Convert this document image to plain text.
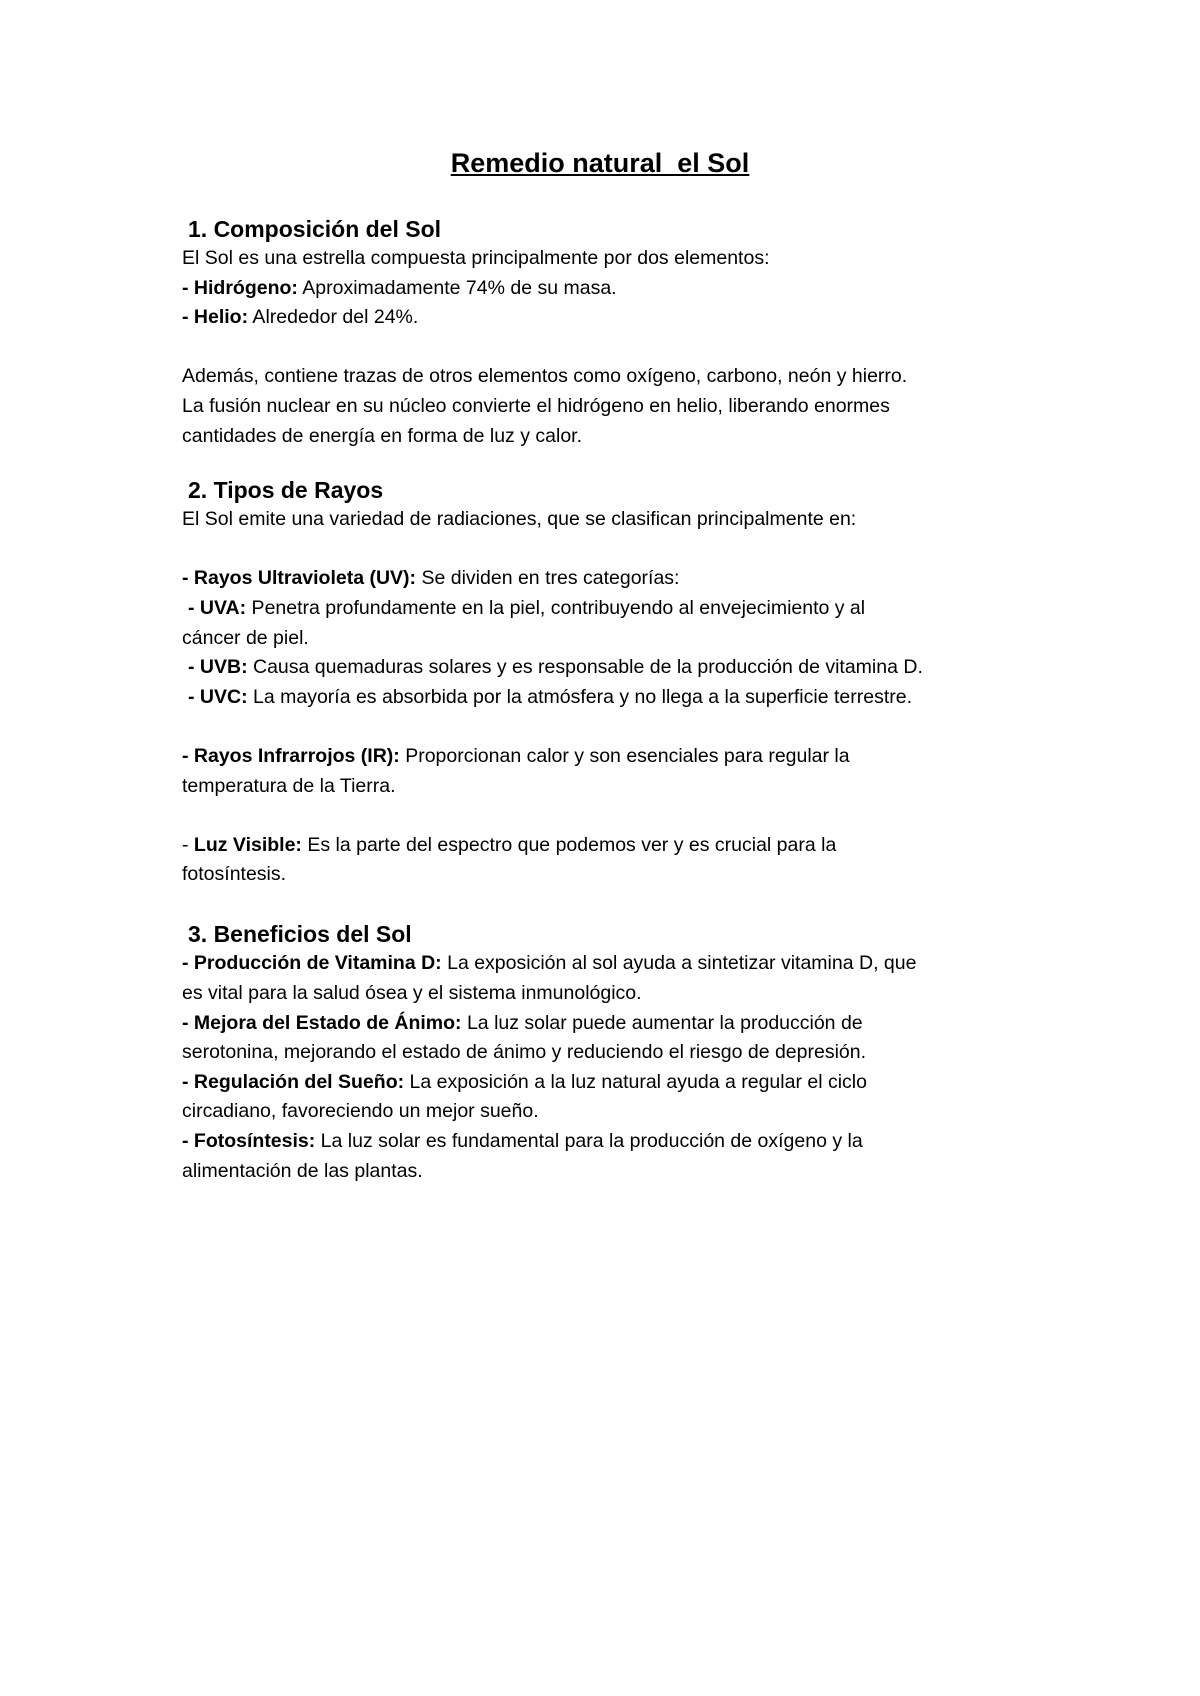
Remedio natural  el Sol
1. Composición del Sol
El Sol es una estrella compuesta principalmente por dos elementos:
- Hidrógeno: Aproximadamente 74% de su masa.
- Helio: Alrededor del 24%.
Además, contiene trazas de otros elementos como oxígeno, carbono, neón y hierro.
La fusión nuclear en su núcleo convierte el hidrógeno en helio, liberando enormes
cantidades de energía en forma de luz y calor.
2. Tipos de Rayos
El Sol emite una variedad de radiaciones, que se clasifican principalmente en:
- Rayos Ultravioleta (UV): Se dividen en tres categorías:
- UVA: Penetra profundamente en la piel, contribuyendo al envejecimiento y al
cáncer de piel.
- UVB: Causa quemaduras solares y es responsable de la producción de vitamina D.
- UVC: La mayoría es absorbida por la atmósfera y no llega a la superficie terrestre.
- Rayos Infrarrojos (IR): Proporcionan calor y son esenciales para regular la
temperatura de la Tierra.
- Luz Visible: Es la parte del espectro que podemos ver y es crucial para la
fotosíntesis.
3. Beneficios del Sol
- Producción de Vitamina D: La exposición al sol ayuda a sintetizar vitamina D, que
es vital para la salud ósea y el sistema inmunológico.
- Mejora del Estado de Ánimo: La luz solar puede aumentar la producción de
serotonina, mejorando el estado de ánimo y reduciendo el riesgo de depresión.
- Regulación del Sueño: La exposición a la luz natural ayuda a regular el ciclo
circadiano, favoreciendo un mejor sueño.
- Fotosíntesis: La luz solar es fundamental para la producción de oxígeno y la
alimentación de las plantas.
